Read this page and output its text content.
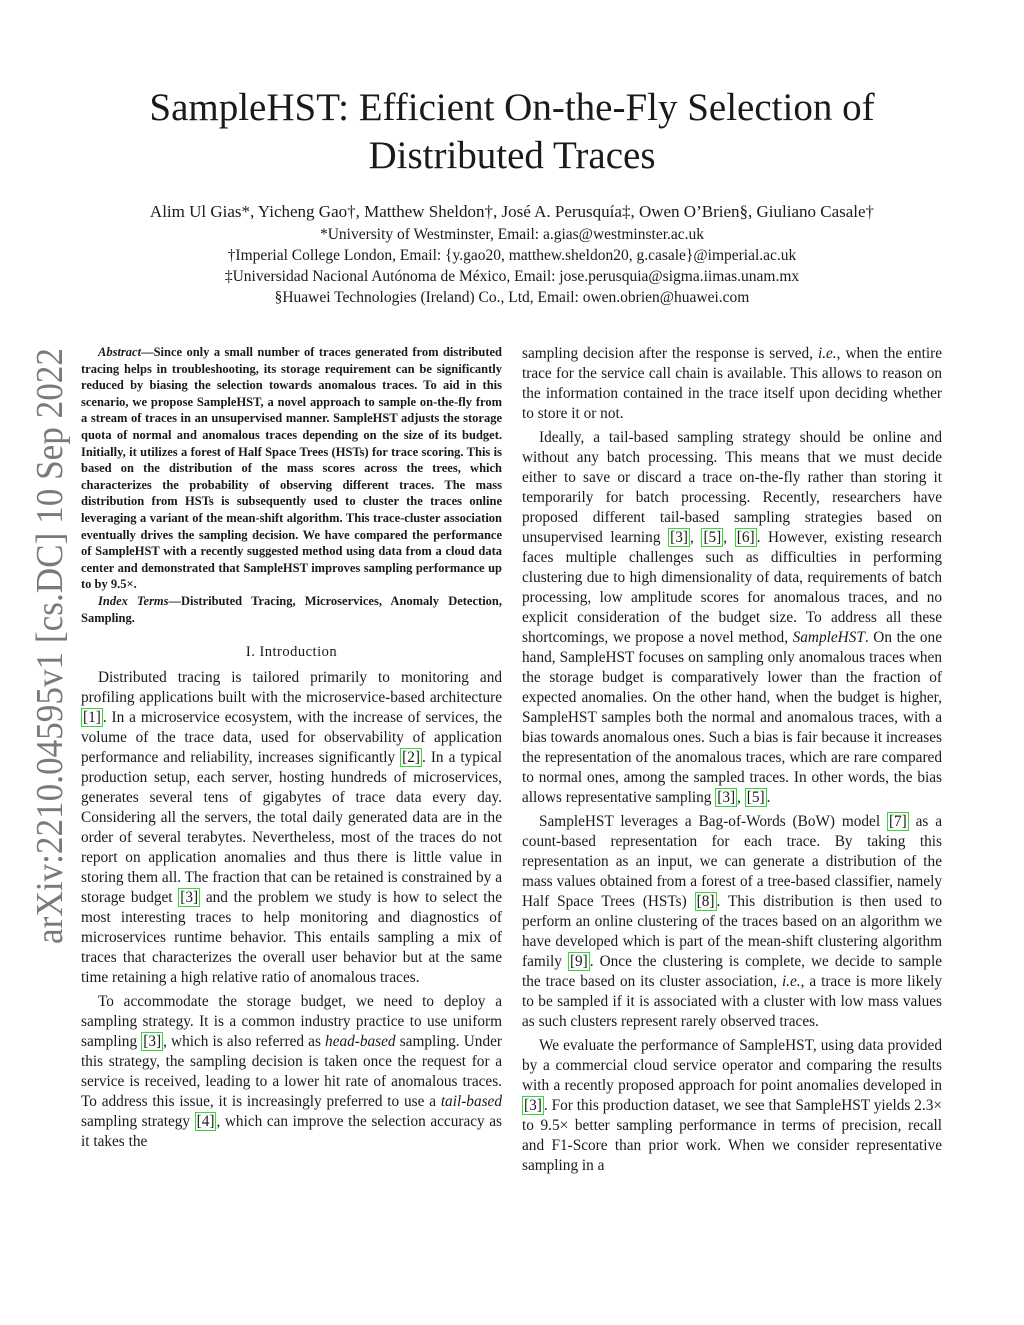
arXiv:2210.04595v1 [cs.DC] 10 Sep 2022
SampleHST: Efficient On-the-Fly Selection of
Distributed Traces
Alim Ul Gias*, Yicheng Gao†, Matthew Sheldon†, José A. Perusquía‡, Owen O’Brien§, Giuliano Casale†
*University of Westminster, Email: a.gias@westminster.ac.uk
†Imperial College London, Email: {y.gao20, matthew.sheldon20, g.casale}@imperial.ac.uk
‡Universidad Nacional Autónoma de México, Email: jose.perusquia@sigma.iimas.unam.mx
§Huawei Technologies (Ireland) Co., Ltd, Email: owen.obrien@huawei.com

Abstract—Since only a small number of traces generated from distributed tracing helps in troubleshooting, its storage requirement can be significantly reduced by biasing the selection towards anomalous traces. To aid in this scenario, we propose SampleHST, a novel approach to sample on-the-fly from a stream of traces in an unsupervised manner. SampleHST adjusts the storage quota of normal and anomalous traces depending on the size of its budget. Initially, it utilizes a forest of Half Space Trees (HSTs) for trace scoring. This is based on the distribution of the mass scores across the trees, which characterizes the probability of observing different traces. The mass distribution from HSTs is subsequently used to cluster the traces online leveraging a variant of the mean-shift algorithm. This trace-cluster association eventually drives the sampling decision. We have compared the performance of SampleHST with a recently suggested method using data from a cloud data center and demonstrated that SampleHST improves sampling performance up to by 9.5×.

Index Terms—Distributed Tracing, Microservices, Anomaly Detection, Sampling.

I. Introduction

Distributed tracing is tailored primarily to monitoring and profiling applications built with the microservice-based architecture [1] . In a microservice ecosystem, with the increase of services, the volume of the trace data, used for observability of application performance and reliability, increases significantly [2] . In a typical production setup, each server, hosting hundreds of microservices, generates several tens of gigabytes of trace data every day. Considering all the servers, the total daily generated data are in the order of several terabytes. Nevertheless, most of the traces do not report on application anomalies and thus there is little value in storing them all. The fraction that can be retained is constrained by a storage budget [3] and the problem we study is how to select the most interesting traces to help monitoring and diagnostics of microservices runtime behavior. This entails sampling a mix of traces that characterizes the overall user behavior but at the same time retaining a high relative ratio of anomalous traces.

To accommodate the storage budget, we need to deploy a sampling strategy. It is a common industry practice to use uniform sampling [3] , which is also referred as head-based sampling. Under this strategy, the sampling decision is taken once the request for a service is received, leading to a lower hit rate of anomalous traces. To address this issue, it is increasingly preferred to use a tail-based sampling strategy [4] , which can improve the selection accuracy as it takes the

sampling decision after the response is served, i.e., when the entire trace for the service call chain is available. This allows to reason on the information contained in the trace itself upon deciding whether to store it or not.

Ideally, a tail-based sampling strategy should be online and without any batch processing. This means that we must decide either to save or discard a trace on-the-fly rather than storing it temporarily for batch processing. Recently, researchers have proposed different tail-based sampling strategies based on unsupervised learning [3] , [5] , [6] . However, existing research faces multiple challenges such as difficulties in performing clustering due to high dimensionality of data, requirements of batch processing, low amplitude scores for anomalous traces, and no explicit consideration of the budget size. To address all these shortcomings, we propose a novel method, SampleHST. On the one hand, SampleHST focuses on sampling only anomalous traces when the storage budget is comparatively lower than the fraction of expected anomalies. On the other hand, when the budget is higher, SampleHST samples both the normal and anomalous traces, with a bias towards anomalous ones. Such a bias is fair because it increases the representation of the anomalous traces, which are rare compared to normal ones, among the sampled traces. In other words, the bias allows representative sampling [3] , [5] .

SampleHST leverages a Bag-of-Words (BoW) model [7] as a count-based representation for each trace. By taking this representation as an input, we can generate a distribution of the mass values obtained from a forest of a tree-based classifier, namely Half Space Trees (HSTs) [8] . This distribution is then used to perform an online clustering of the traces based on an algorithm we have developed which is part of the mean-shift clustering algorithm family [9] . Once the clustering is complete, we decide to sample the trace based on its cluster association, i.e., a trace is more likely to be sampled if it is associated with a cluster with low mass values as such clusters represent rarely observed traces.

We evaluate the performance of SampleHST, using data provided by a commercial cloud service operator and comparing the results with a recently proposed approach for point anomalies developed in [3] . For this production dataset, we see that SampleHST yields 2.3× to 9.5× better sampling performance in terms of precision, recall and F1-Score than prior work. When we consider representative sampling in a
